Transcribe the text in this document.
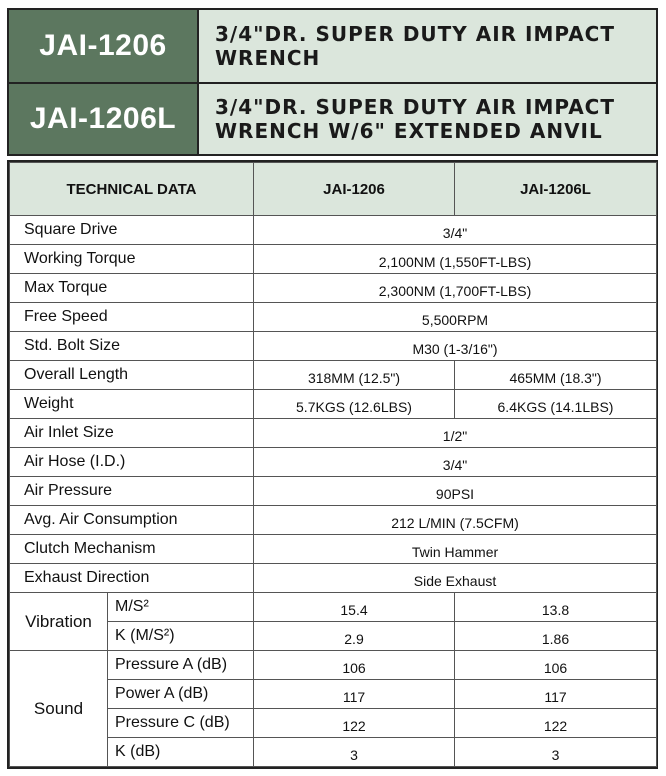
JAI-1206	3/4"DR. SUPER DUTY AIR IMPACT
WRENCH
JAI-1206L	3/4"DR. SUPER DUTY AIR IMPACT
WRENCH W/6" EXTENDED ANVIL
TECHNICAL DATA		JAI-1206	JAI-1206L
Square Drive		3/4"	
Working Torque		2,100NM (1,550FT-LBS)	
Max Torque		2,300NM (1,700FT-LBS)	
Free Speed		5,500RPM	
Std. Bolt Size		M30 (1-3/16")	
Overall Length		318MM (12.5")	465MM (18.3")
Weight		5.7KGS (12.6LBS)	6.4KGS (14.1LBS)
Air Inlet Size		1/2"	
Air Hose (I.D.)		3/4"	
Air Pressure		90PSI	
Avg. Air Consumption		212 L/MIN (7.5CFM)	
Clutch Mechanism		Twin Hammer	
Exhaust Direction		Side Exhaust	
Vibration	M/S²	15.4	13.8
	K (M/S²)	2.9	1.86
Sound	Pressure A (dB)	106	106
	Power A (dB)	117	117
	Pressure C (dB)	122	122
	K (dB)	3	3
